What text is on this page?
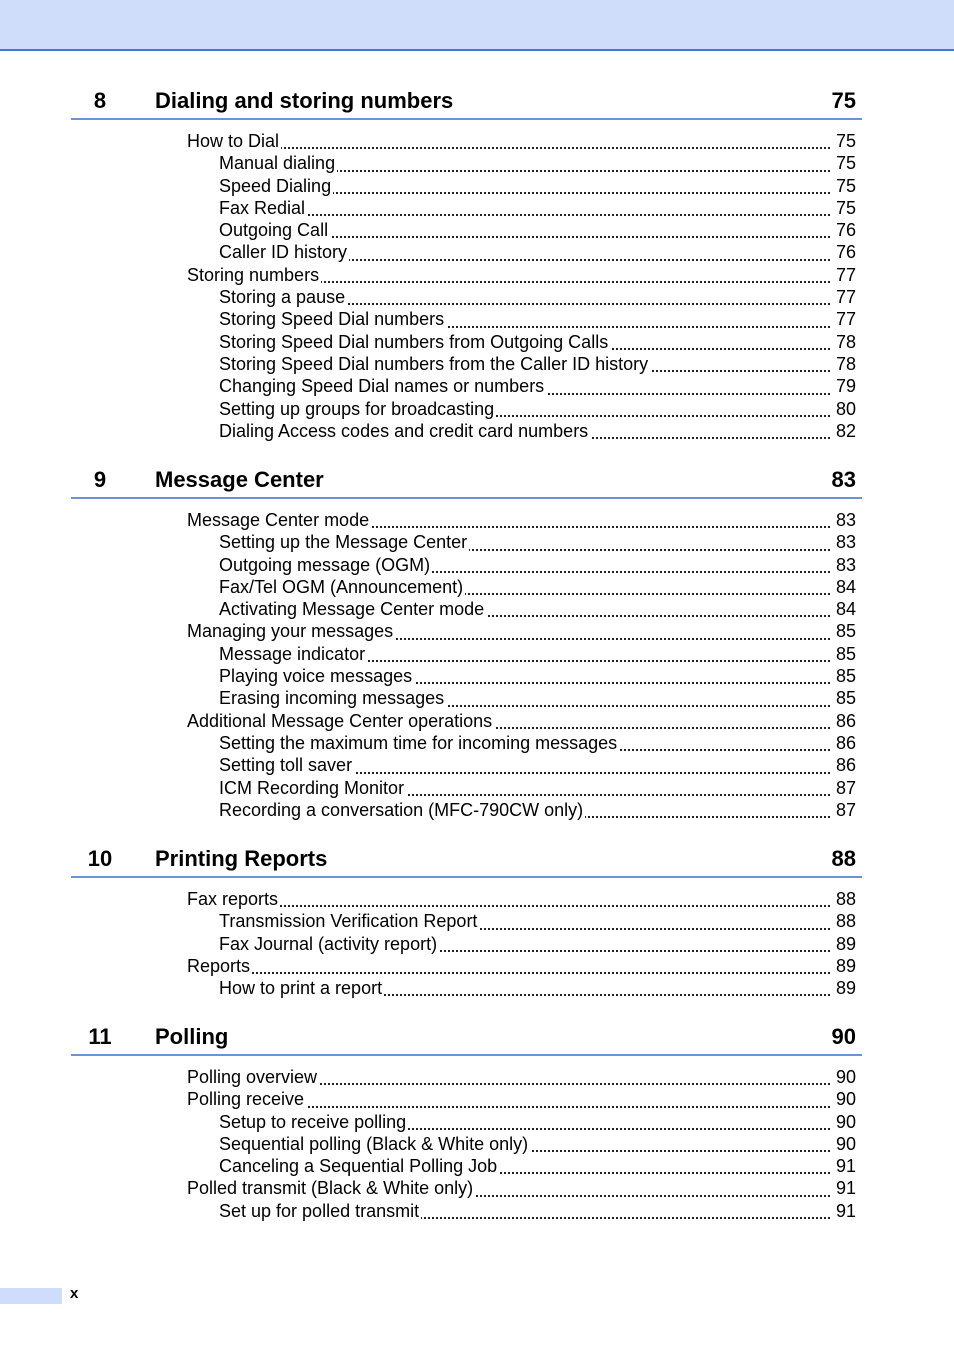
8	Dialing and storing numbers	75
How to Dial	75
Manual dialing	75
Speed Dialing	75
Fax Redial	75
Outgoing Call	76
Caller ID history	76
Storing numbers	77
Storing a pause	77
Storing Speed Dial numbers	77
Storing Speed Dial numbers from Outgoing Calls	78
Storing Speed Dial numbers from the Caller ID history	78
Changing Speed Dial names or numbers	79
Setting up groups for broadcasting	80
Dialing Access codes and credit card numbers	82
9	Message Center	83
Message Center mode	83
Setting up the Message Center	83
Outgoing message (OGM)	83
Fax/Tel OGM (Announcement)	84
Activating Message Center mode	84
Managing your messages	85
Message indicator	85
Playing voice messages	85
Erasing incoming messages	85
Additional Message Center operations	86
Setting the maximum time for incoming messages	86
Setting toll saver	86
ICM Recording Monitor	87
Recording a conversation (MFC-790CW only)	87
10	Printing Reports	88
Fax reports	88
Transmission Verification Report	88
Fax Journal (activity report)	89
Reports	89
How to print a report	89
11	Polling	90
Polling overview	90
Polling receive	90
Setup to receive polling	90
Sequential polling (Black & White only)	90
Canceling a Sequential Polling Job	91
Polled transmit (Black & White only)	91
Set up for polled transmit	91
x
